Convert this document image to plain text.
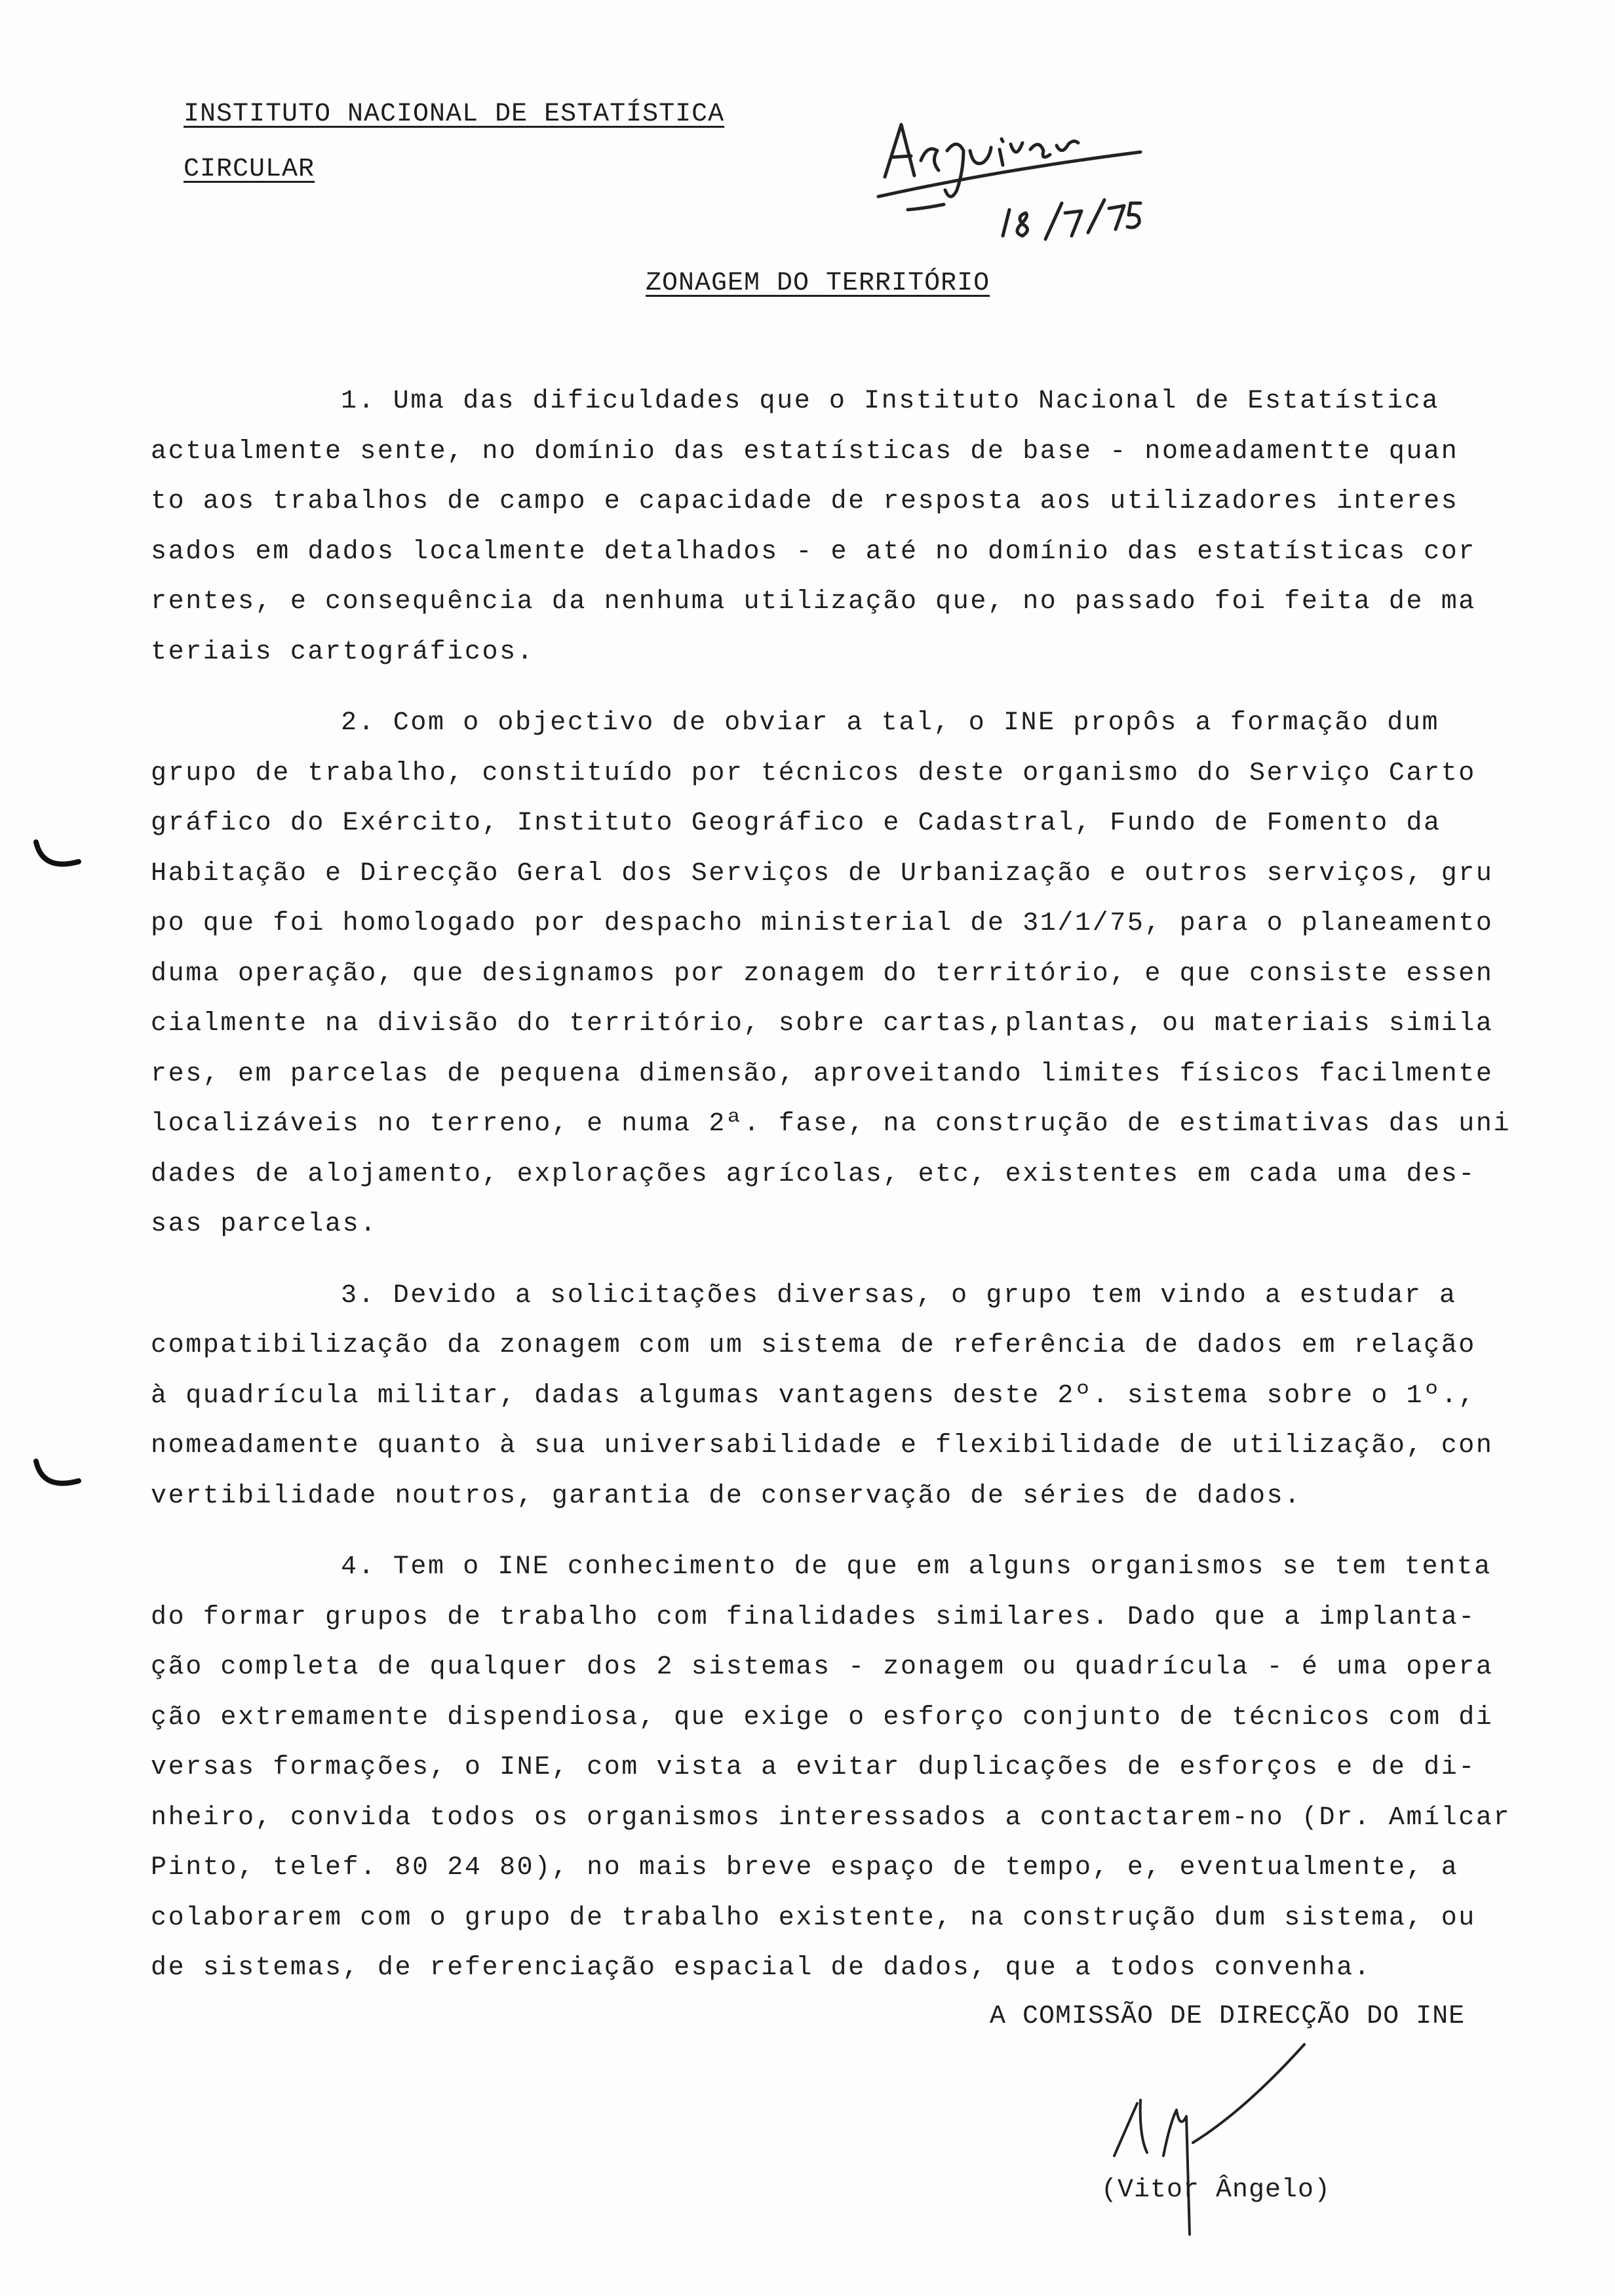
INSTITUTO NACIONAL DE ESTATÍSTICA
CIRCULAR
ZONAGEM DO TERRITÓRIO
1. Uma das dificuldades que o Instituto Nacional de Estatística
actualmente sente, no domínio das estatísticas de base - nomeadamentte quan
to aos trabalhos de campo e capacidade de resposta aos utilizadores interes
sados em dados localmente detalhados - e até no domínio das estatísticas cor
rentes, e consequência da nenhuma utilização que, no passado foi feita de ma
teriais cartográficos.
2. Com o objectivo de obviar a tal, o INE propôs a formação dum
grupo de trabalho, constituído por técnicos deste organismo do Serviço Carto
gráfico do Exército, Instituto Geográfico e Cadastral, Fundo de Fomento da
Habitação e Direcção Geral dos Serviços de Urbanização e outros serviços, gru
po que foi homologado por despacho ministerial de 31/1/75, para o planeamento
duma operação, que designamos por zonagem do território, e que consiste essen
cialmente na divisão do território, sobre cartas,plantas, ou materiais simila
res, em parcelas de pequena dimensão, aproveitando limites físicos facilmente
localizáveis no terreno, e numa 2ª. fase, na construção de estimativas das uni
dades de alojamento, explorações agrícolas, etc, existentes em cada uma des-
sas parcelas.
3. Devido a solicitações diversas, o grupo tem vindo a estudar a
compatibilização da zonagem com um sistema de referência de dados em relação
à quadrícula militar, dadas algumas vantagens deste 2º. sistema sobre o 1º.,
nomeadamente quanto à sua universabilidade e flexibilidade de utilização, con
vertibilidade noutros, garantia de conservação de séries de dados.
4. Tem o INE conhecimento de que em alguns organismos se tem tenta
do formar grupos de trabalho com finalidades similares. Dado que a implanta-
ção completa de qualquer dos 2 sistemas - zonagem ou quadrícula - é uma opera
ção extremamente dispendiosa, que exige o esforço conjunto de técnicos com di
versas formações, o INE, com vista a evitar duplicações de esforços e de di-
nheiro, convida todos os organismos interessados a contactarem-no (Dr. Amílcar
Pinto, telef. 80 24 80), no mais breve espaço de tempo, e, eventualmente, a
colaborarem com o grupo de trabalho existente, na construção dum sistema, ou
de sistemas, de referenciação espacial de dados, que a todos convenha.
A COMISSÃO DE DIRECÇÃO DO INE
(Vitor Ângelo)
